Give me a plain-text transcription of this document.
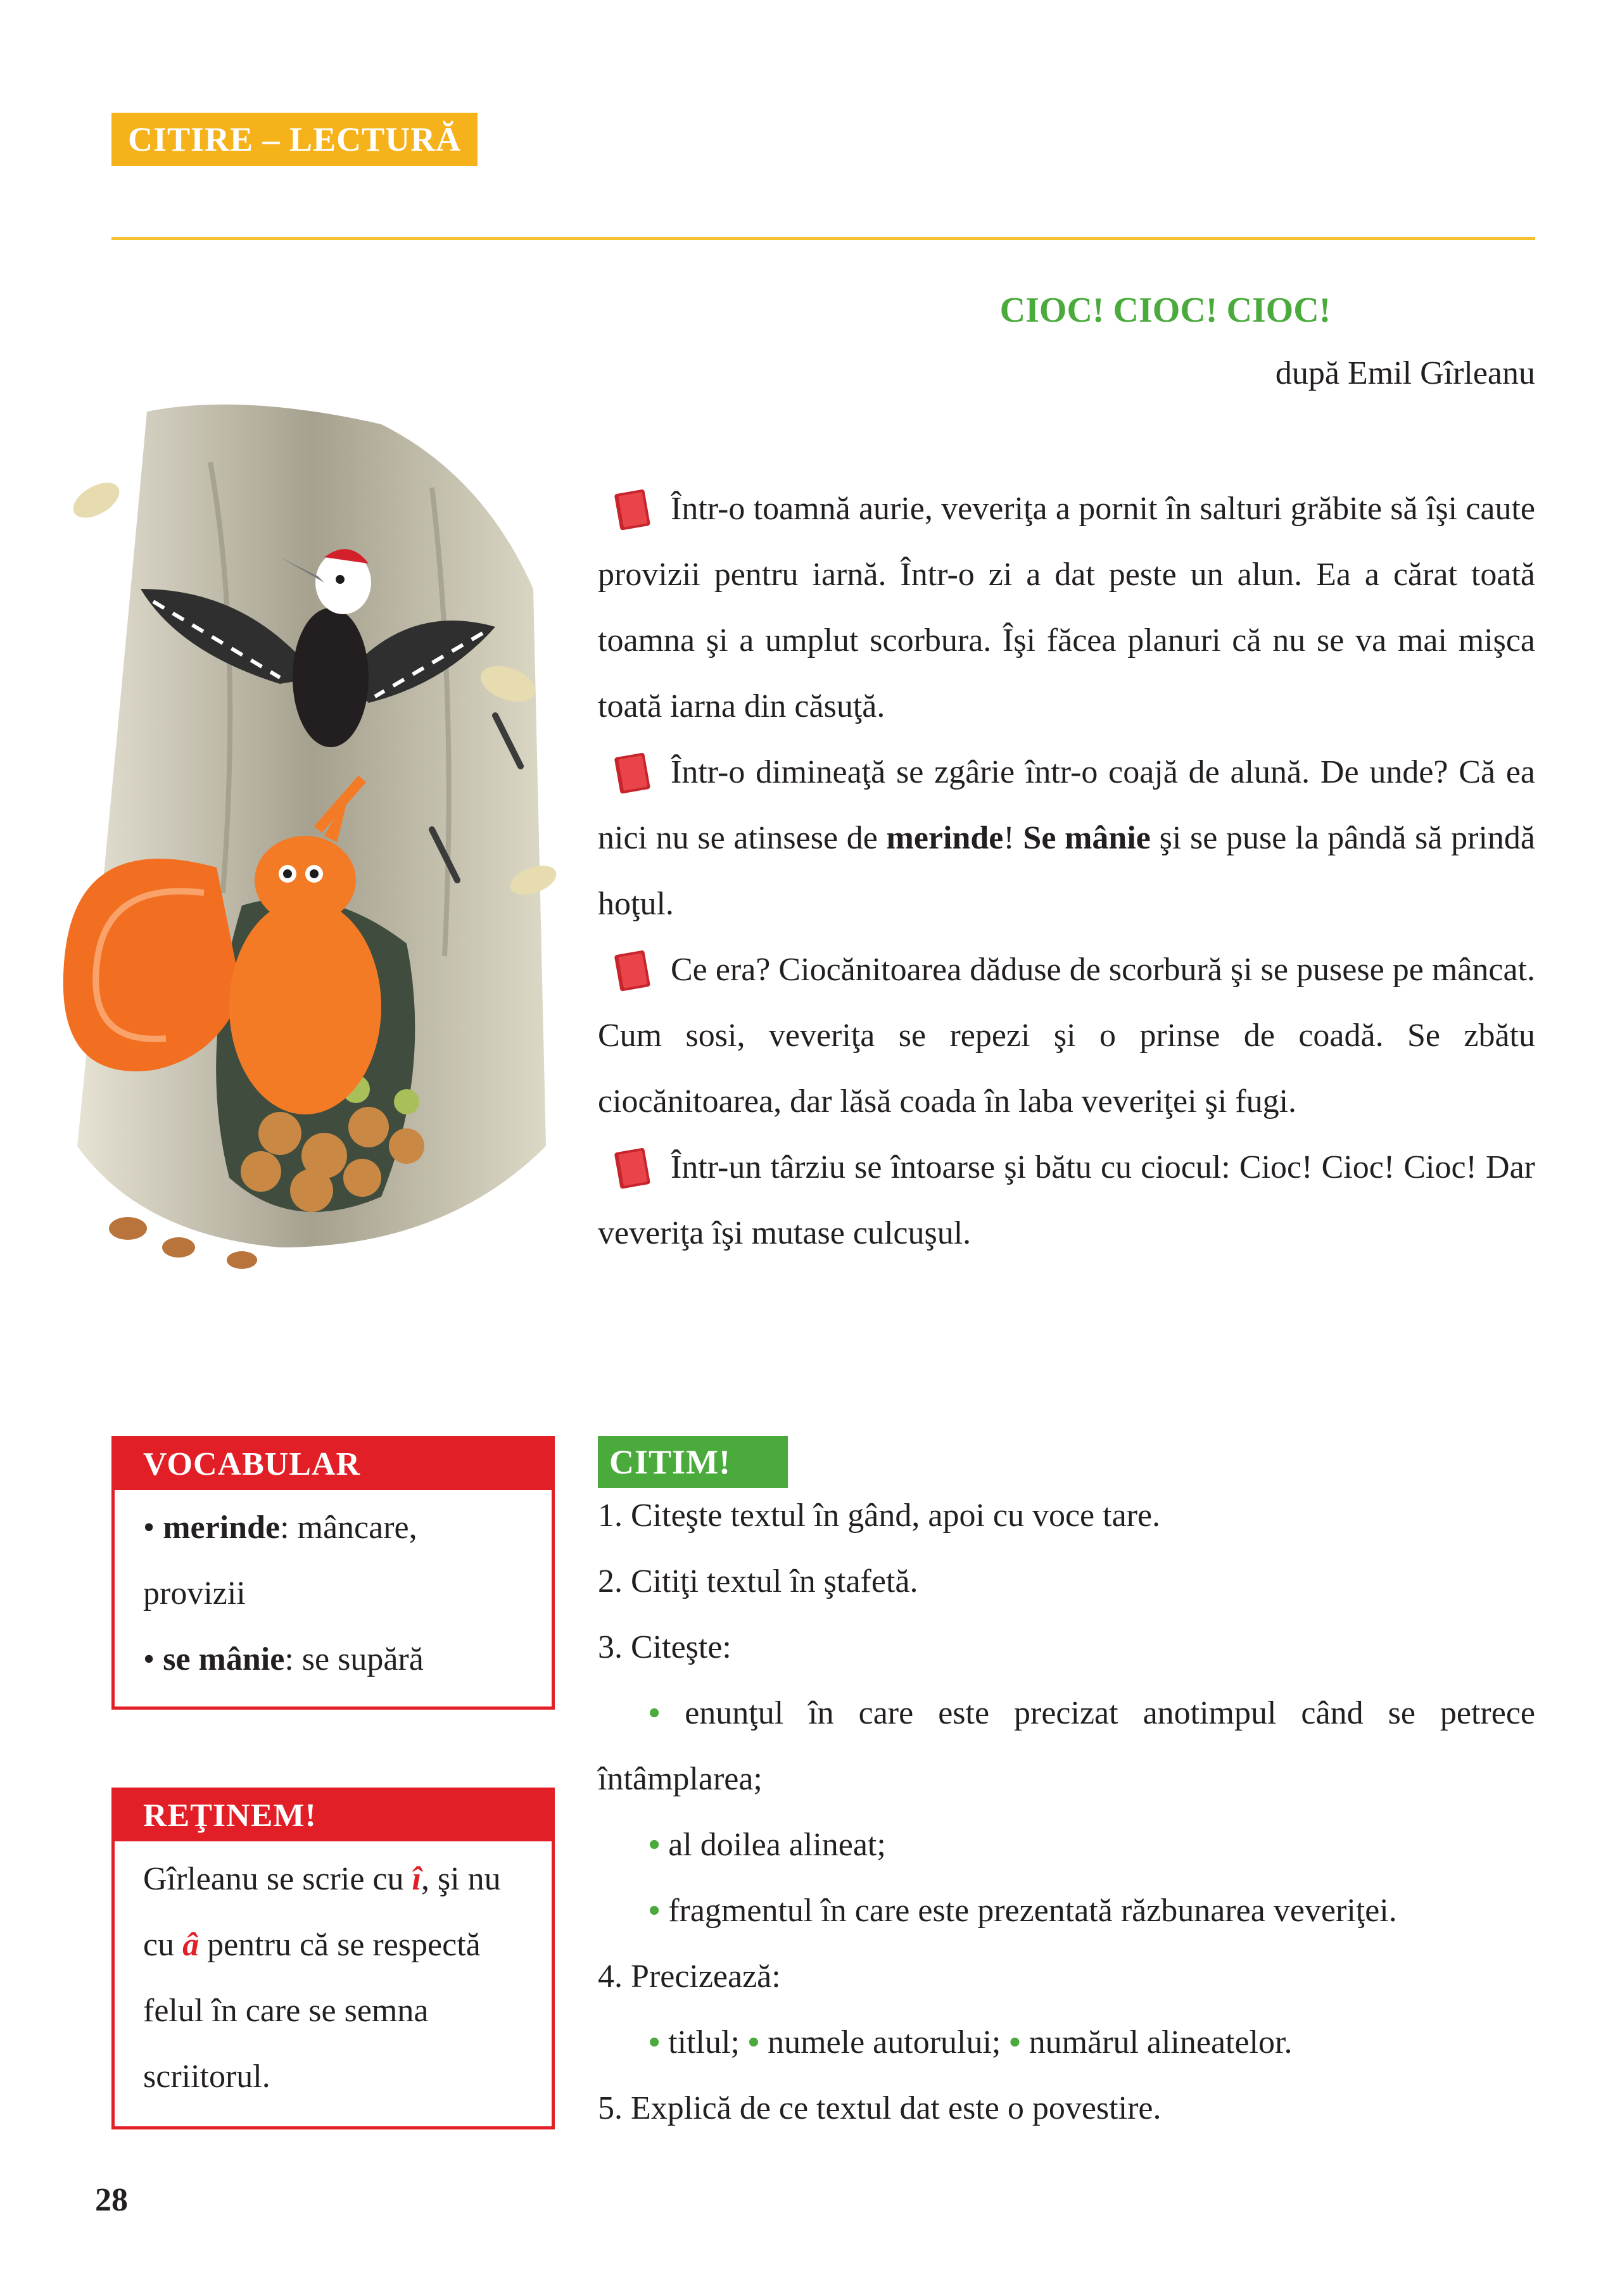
CITIRE – LECTURĂ
CIOC! CIOC! CIOC!
după Emil Gîrleanu

Într-o toamnă aurie, veveriţa a pornit în salturi grăbite să îşi caute provizii pentru iarnă. Într-o zi a dat peste un alun. Ea a cărat toată toamna şi a umplut scorbura. Îşi făcea planuri că nu se va mai mişca toată iarna din căsuţă.

Într-o dimineaţă se zgârie într-o coajă de alună. De unde? Că ea nici nu se atinsese de merinde! Se mânie şi se puse la pândă să prindă hoţul.

Ce era? Ciocănitoarea dăduse de scorbură şi se pusese pe mâncat. Cum sosi, veveriţa se repezi şi o prinse de coadă. Se zbătu ciocănitoarea, dar lăsă coada în laba veveriţei şi fugi.

Într-un târziu se întoarse şi bătu cu ciocul: Cioc! Cioc! Cioc! Dar veveriţa îşi mutase culcuşul.

VOCABULAR
• merinde: mâncare, provizii
• se mânie: se supără
REŢINEM!
Gîrleanu se scrie cu î, şi nu cu â pentru că se respectă felul în care se semna scriitorul.
CITIM!
1. Citeşte textul în gând, apoi cu voce tare.
2. Citiţi textul în ştafetă.
3. Citeşte:
• enunţul în care este precizat anotimpul când se petrece întâmplarea;
• al doilea alineat;
• fragmentul în care este prezentată răzbunarea veveriţei.
4. Precizează:
• titlul; • numele autorului; • numărul alineatelor.
5. Explică de ce textul dat este o povestire.
28
